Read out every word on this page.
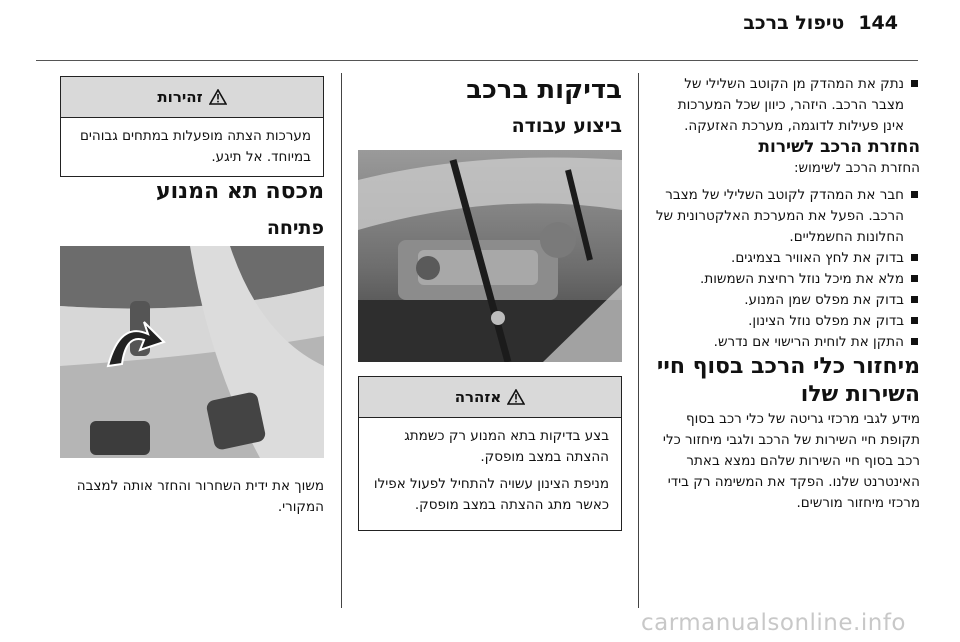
144
טיפול ברכב

נתק את המהדק מן הקוטב השלילי של מצבר הרכב. היזהר, כיוון שכל המערכות אינן פעילות לדוגמה, מערכת האזעקה.

החזרת הרכב לשירות

החזרת הרכב לשימוש:

חבר את המהדק לקוטב השלילי של מצבר הרכב. הפעל את המערכת האלקטרונית של החלונות החשמליים.

בדוק את לחץ האוויר בצמיגים.

מלא את מיכל נוזל רחיצת השמשות.

בדוק את מפלס שמן המנוע.

בדוק את מפלס נוזל הצינון.

התקן את לוחית הרישוי אם נדרש.

מיחזור כלי הרכב בסוף חיי השירות שלו

מידע לגבי מרכזי גריטה של כלי רכב בסוף תקופת חיי השירות של הרכב ולגבי מיחזור כלי רכב בסוף חיי השירות שלהם נמצא באתר האינטרנט שלנו. הפקד את המשימה רק בידי מרכזי מיחזור מורשים.

בדיקות ברכב
ביצוע עבודה
אזהרה

בצע בדיקות בתא המנוע רק כשמתג ההצתה במצב מופסק.

מניפת הצינון עשויה להתחיל לפעול אפילו כאשר מתג ההצתה במצב מופסק.

זהירות

מערכות הצתה מופעלות במתחים גבוהים במיוחד. אל תיגע.

מכסה תא המנוע
פתיחה

משוך את ידית השחרור והחזר אותה למצבה המקורי.

carmanualsonline.info
